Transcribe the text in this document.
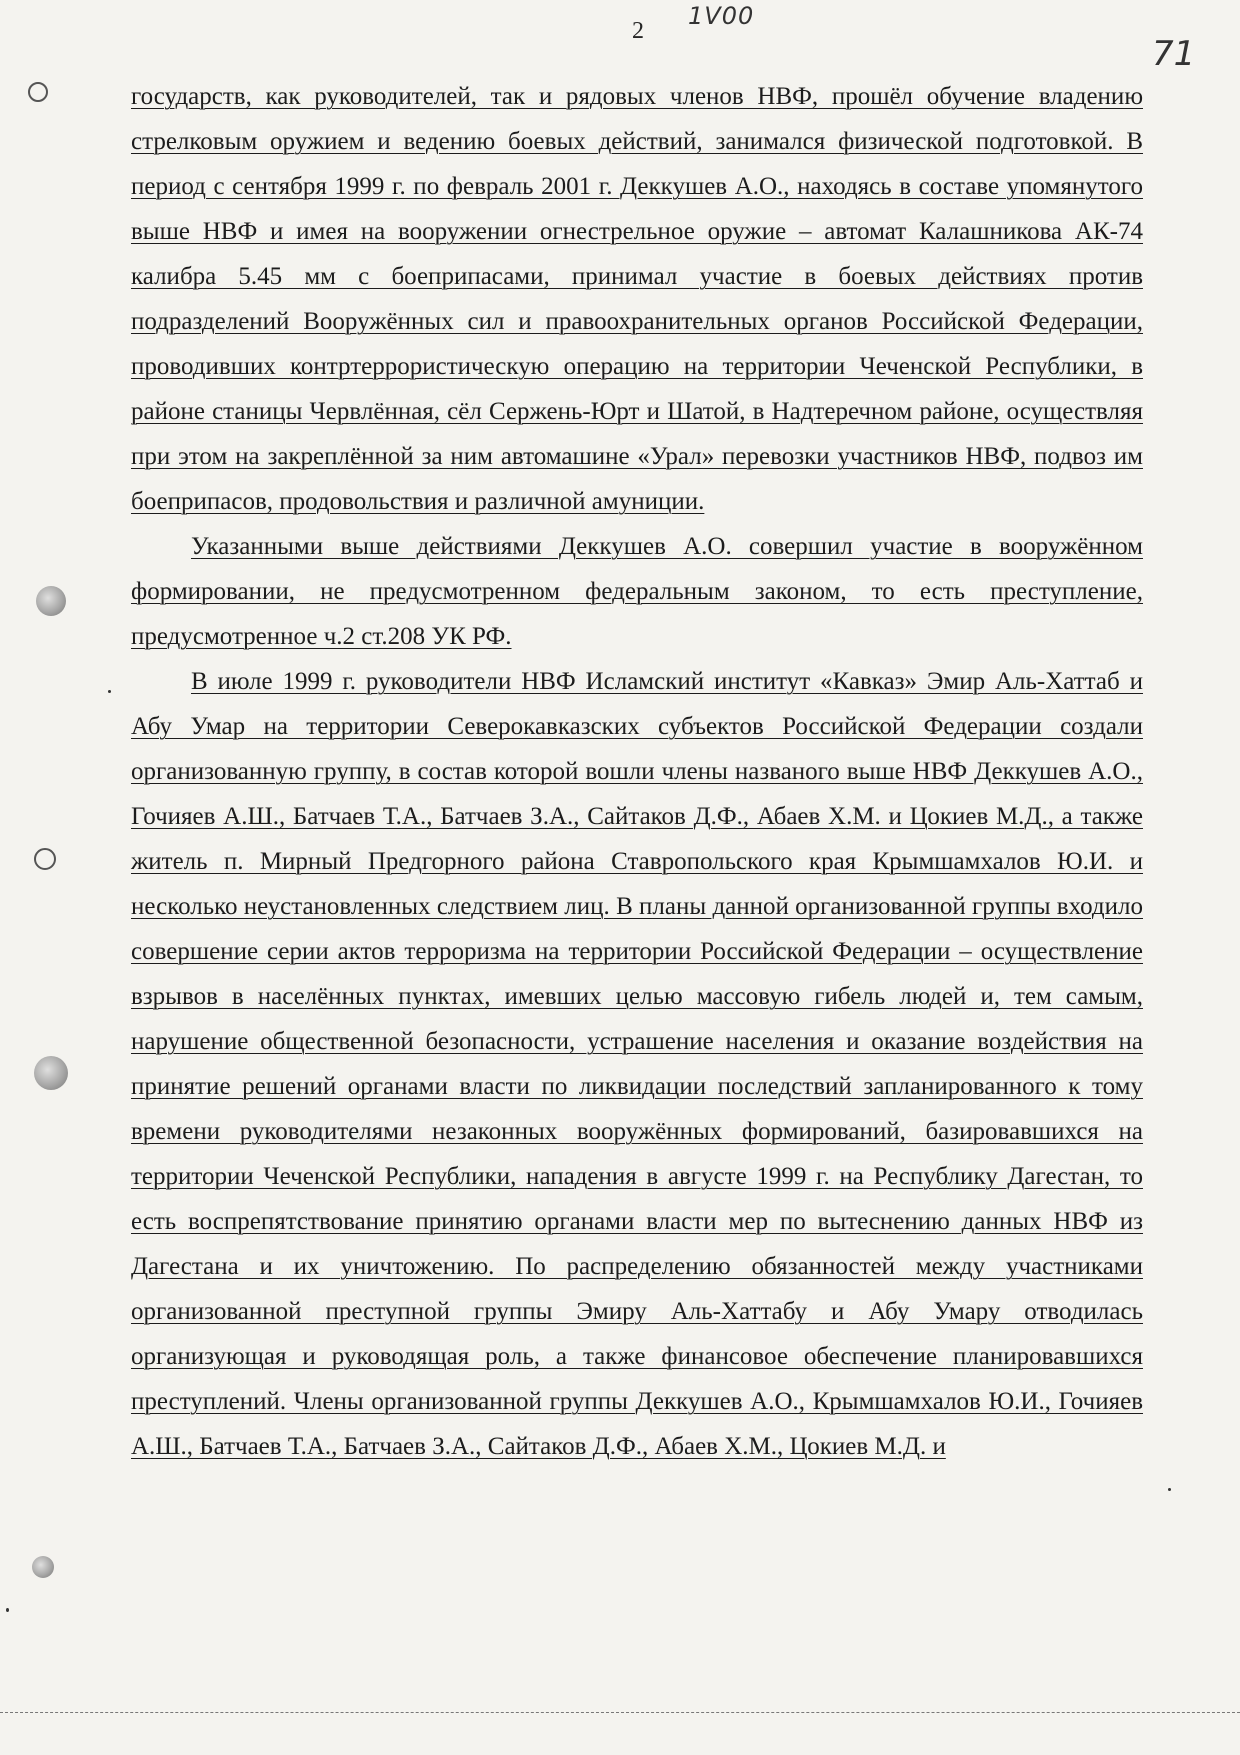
2
1V00
71

государств, как руководителей, так и рядовых членов НВФ, прошёл обучение владению стрелковым оружием и ведению боевых действий, занимался физической подготовкой. В период с сентября 1999 г. по февраль 2001 г. Деккушев А.О., находясь в составе упомянутого выше НВФ и имея на вооружении огнестрельное оружие – автомат Калашникова АК-74 калибра 5.45 мм с боеприпасами, принимал участие в боевых действиях против подразделений Вооружённых сил и правоохранительных органов Российской Федерации, проводивших контртеррористическую операцию на территории Чеченской Республики, в районе станицы Червлённая, сёл Сержень-Юрт и Шатой, в Надтеречном районе, осуществляя при этом на закреплённой за ним автомашине «Урал» перевозки участников НВФ, подвоз им боеприпасов, продовольствия и различной амуниции.

Указанными выше действиями Деккушев А.О. совершил участие в вооружённом формировании, не предусмотренном федеральным законом, то есть преступление, предусмотренное ч.2 ст.208 УК РФ.

В июле 1999 г. руководители НВФ Исламский институт «Кавказ» Эмир Аль-Хаттаб и Абу Умар на территории Северокавказских субъектов Российской Федерации создали организованную группу, в состав которой вошли члены названого выше НВФ Деккушев А.О., Гочияев А.Ш., Батчаев Т.А., Батчаев З.А., Сайтаков Д.Ф., Абаев Х.М. и Цокиев М.Д., а также житель п. Мирный Предгорного района Ставропольского края Крымшамхалов Ю.И. и несколько неустановленных следствием лиц. В планы данной организованной группы входило совершение серии актов терроризма на территории Российской Федерации – осуществление взрывов в населённых пунктах, имевших целью массовую гибель людей и, тем самым, нарушение общественной безопасности, устрашение населения и оказание воздействия на принятие решений органами власти по ликвидации последствий запланированного к тому времени руководителями незаконных вооружённых формирований, базировавшихся на территории Чеченской Республики, нападения в августе 1999 г. на Республику Дагестан, то есть воспрепятствование принятию органами власти мер по вытеснению данных НВФ из Дагестана и их уничтожению. По распределению обязанностей между участниками организованной преступной группы Эмиру Аль-Хаттабу и Абу Умару отводилась организующая и руководящая роль, а также финансовое обеспечение планировавшихся преступлений. Члены организованной группы Деккушев А.О., Крымшамхалов Ю.И., Гочияев А.Ш., Батчаев Т.А., Батчаев З.А., Сайтаков Д.Ф., Абаев Х.М., Цокиев М.Д. и
